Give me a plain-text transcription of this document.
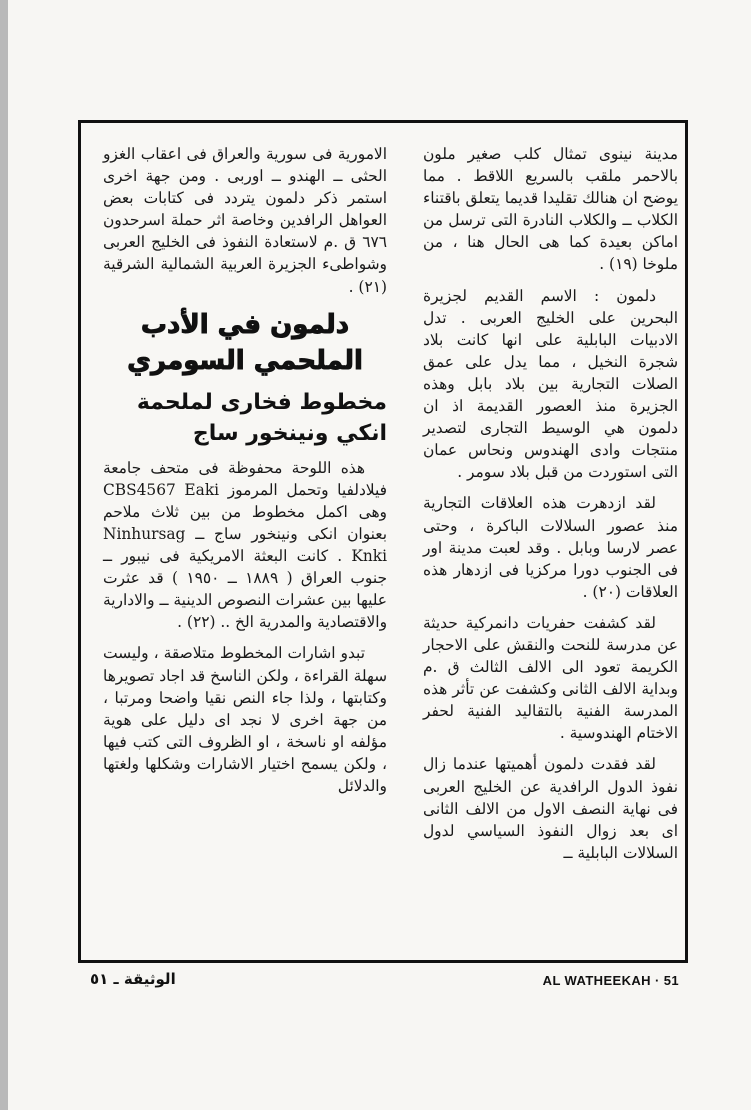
مدينة نينوى تمثال كلب صغير ملون بالاحمر ملقب بالسريع اللاقط . مما يوضح ان هنالك تقليدا قديما يتعلق باقتناء الكلاب ــ والكلاب النادرة التى ترسل من اماكن بعيدة كما هى الحال هنا ، من ملوخا (١٩) .

دلمون : الاسم القديم لجزيرة البحرين على الخليج العربى . تدل الادبيات البابلية على انها كانت بلاد شجرة النخيل ، مما يدل على عمق الصلات التجارية بين بلاد بابل وهذه الجزيرة منذ العصور القديمة اذ ان دلمون هي الوسيط التجارى لتصدير منتجات وادى الهندوس ونحاس عمان التى استوردت من قبل بلاد سومر .

لقد ازدهرت هذه العلاقات التجارية منذ عصور السلالات الباكرة ، وحتى عصر لارسا وبابل . وقد لعبت مدينة اور فى الجنوب دورا مركزيا فى ازدهار هذه العلاقات (٢٠) .

لقد كشفت حفريات دانمركية حديثة عن مدرسة للنحت والنقش على الاحجار الكريمة تعود الى الالف الثالث ق .م وبداية الالف الثانى وكشفت عن تأثر هذه المدرسة الفنية بالتقاليد الفنية لحفر الاختام الهندوسية .

لقد فقدت دلمون أهميتها عندما زال نفوذ الدول الرافدية عن الخليج العربى فى نهاية النصف الاول من الالف الثانى اى بعد زوال النفوذ السياسي لدول السلالات البابلية ــ

الامورية فى سورية والعراق فى اعقاب الغزو الحثى ــ الهندو ــ اوربى . ومن جهة اخرى استمر ذكر دلمون يتردد فى كتابات بعض العواهل الرافدين وخاصة اثر حملة اسرحدون ٦٧٦ ق .م لاستعادة النفوذ فى الخليج العربى وشواطىء الجزيرة العربية الشمالية الشرقية (٢١) .

دلمون في الأدب الملحمي السومري
مخطوط فخارى لملحمة انكي ونينخور ساج

هذه اللوحة محفوظة فى متحف جامعة فيلادلفيا وتحمل المرموز CBS4567 Eaki وهى اكمل مخطوط من بين ثلاث ملاحم بعنوان انكى ونينخور ساج ــ Ninhursag Knki . كانت البعثة الامريكية فى نيبور ــ جنوب العراق ( ١٨٨٩ ــ ١٩٥٠ ) قد عثرت عليها بين عشرات النصوص الدينية ــ والادارية والاقتصادية والمدرية الخ .. (٢٢) .

تبدو اشارات المخطوط متلاصقة ، وليست سهلة القراءة ، ولكن الناسخ قد اجاد تصويرها وكتابتها ، ولذا جاء النص نقيا واضحا ومرتبا ، من جهة اخرى لا نجد اى دليل على هوية مؤلفه او ناسخة ، او الظروف التى كتب فيها ، ولكن يسمح اختيار الاشارات وشكلها ولغتها والدلائل

الوثيقة ـ ٥١	AL WATHEEKAH · 51
